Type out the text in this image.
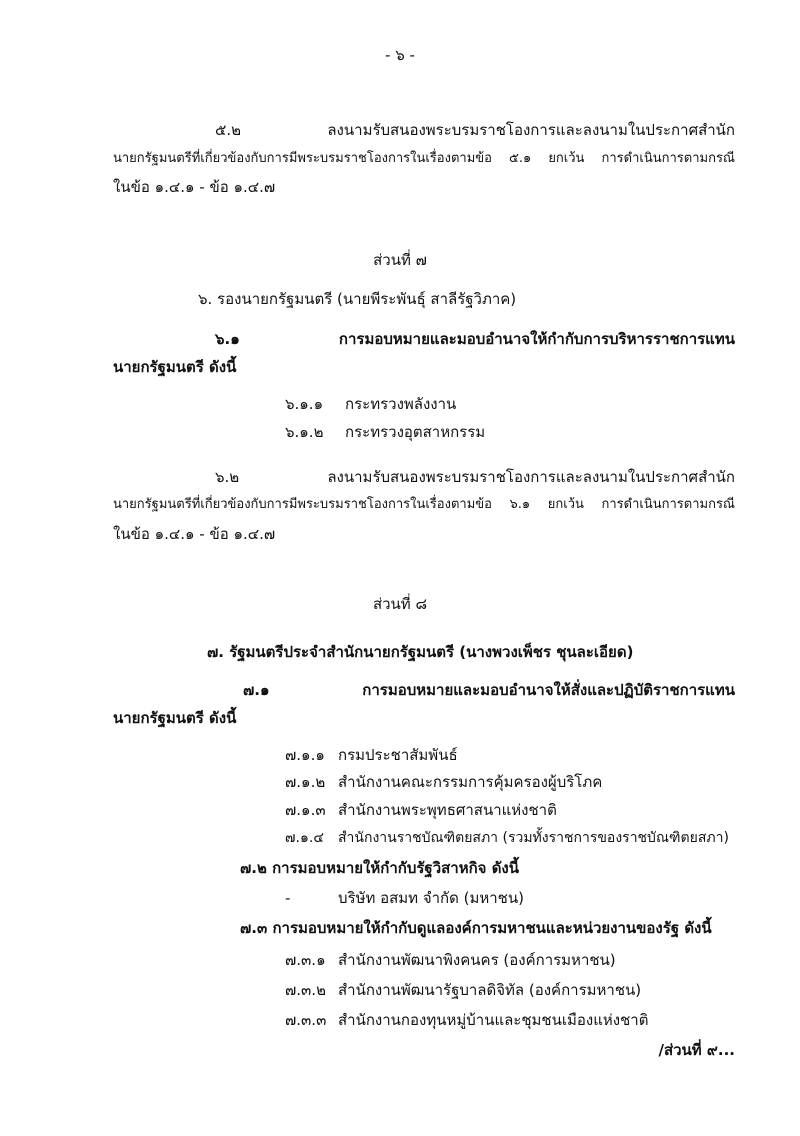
- ๖ -
๕.๒ ลงนามรับสนองพระบรมราชโองการและลงนามในประกาศสำนัก
นายกรัฐมนตรีที่เกี่ยวข้องกับการมีพระบรมราชโองการในเรื่องตามข้อ ๕.๑ ยกเว้น การดำเนินการตามกรณี
ในข้อ ๑.๔.๑ - ข้อ ๑.๔.๗
ส่วนที่ ๗
๖. รองนายกรัฐมนตรี (นายพีระพันธุ์ สาลีรัฐวิภาค)
๖.๑ การมอบหมายและมอบอำนาจให้กำกับการบริหารราชการแทน
นายกรัฐมนตรี ดังนี้
๖.๑.๑ กระทรวงพลังงาน
๖.๑.๒ กระทรวงอุตสาหกรรม
๖.๒ ลงนามรับสนองพระบรมราชโองการและลงนามในประกาศสำนัก
นายกรัฐมนตรีที่เกี่ยวข้องกับการมีพระบรมราชโองการในเรื่องตามข้อ ๖.๑ ยกเว้น การดำเนินการตามกรณี
ในข้อ ๑.๔.๑ - ข้อ ๑.๔.๗
ส่วนที่ ๘
๗. รัฐมนตรีประจำสำนักนายกรัฐมนตรี (นางพวงเพ็ชร ชุนละเอียด)
๗.๑ การมอบหมายและมอบอำนาจให้สั่งและปฏิบัติราชการแทน
นายกรัฐมนตรี ดังนี้
๗.๑.๑ กรมประชาสัมพันธ์
๗.๑.๒ สำนักงานคณะกรรมการคุ้มครองผู้บริโภค
๗.๑.๓ สำนักงานพระพุทธศาสนาแห่งชาติ
๗.๑.๔ สำนักงานราชบัณฑิตยสภา (รวมทั้งราชการของราชบัณฑิตยสภา)
๗.๒ การมอบหมายให้กำกับรัฐวิสาหกิจ ดังนี้
-	บริษัท อสมท จำกัด (มหาชน)
๗.๓ การมอบหมายให้กำกับดูแลองค์การมหาชนและหน่วยงานของรัฐ ดังนี้
๗.๓.๑ สำนักงานพัฒนาพิงคนคร (องค์การมหาชน)
๗.๓.๒ สำนักงานพัฒนารัฐบาลดิจิทัล (องค์การมหาชน)
๗.๓.๓ สำนักงานกองทุนหมู่บ้านและชุมชนเมืองแห่งชาติ
/ส่วนที่ ๙...
